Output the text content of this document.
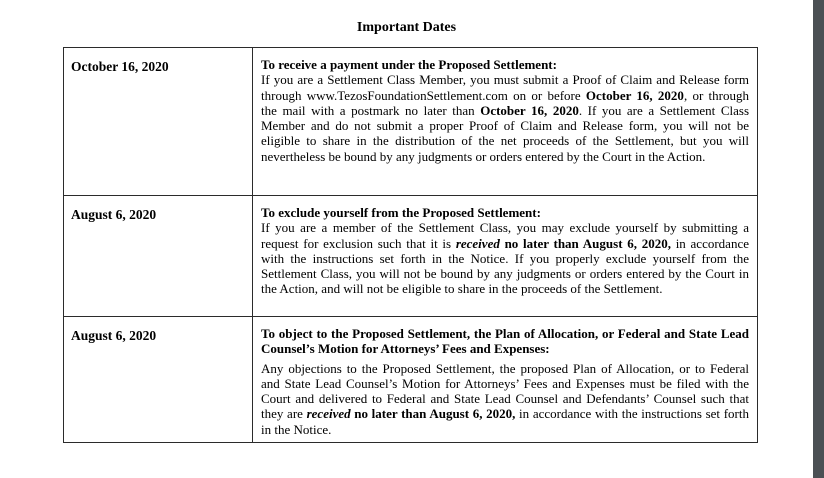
Important Dates
October 16, 2020	To receive a payment under the Proposed Settlement:
If you are a Settlement Class Member, you must submit a Proof of Claim and Release form through www.TezosFoundationSettlement.com on or before October 16, 2020, or through the mail with a postmark no later than October 16, 2020. If you are a Settlement Class Member and do not submit a proper Proof of Claim and Release form, you will not be eligible to share in the distribution of the net proceeds of the Settlement, but you will nevertheless be bound by any judgments or orders entered by the Court in the Action.
August 6, 2020	To exclude yourself from the Proposed Settlement:
If you are a member of the Settlement Class, you may exclude yourself by submitting a request for exclusion such that it is received no later than August 6, 2020, in accordance with the instructions set forth in the Notice. If you properly exclude yourself from the Settlement Class, you will not be bound by any judgments or orders entered by the Court in the Action, and will not be eligible to share in the proceeds of the Settlement.
August 6, 2020	To object to the Proposed Settlement, the Plan of Allocation, or Federal and State Lead Counsel’s Motion for Attorneys’ Fees and Expenses:
Any objections to the Proposed Settlement, the proposed Plan of Allocation, or to Federal and State Lead Counsel’s Motion for Attorneys’ Fees and Expenses must be filed with the Court and delivered to Federal and State Lead Counsel and Defendants’ Counsel such that they are received no later than August 6, 2020, in accordance with the instructions set forth in the Notice.
